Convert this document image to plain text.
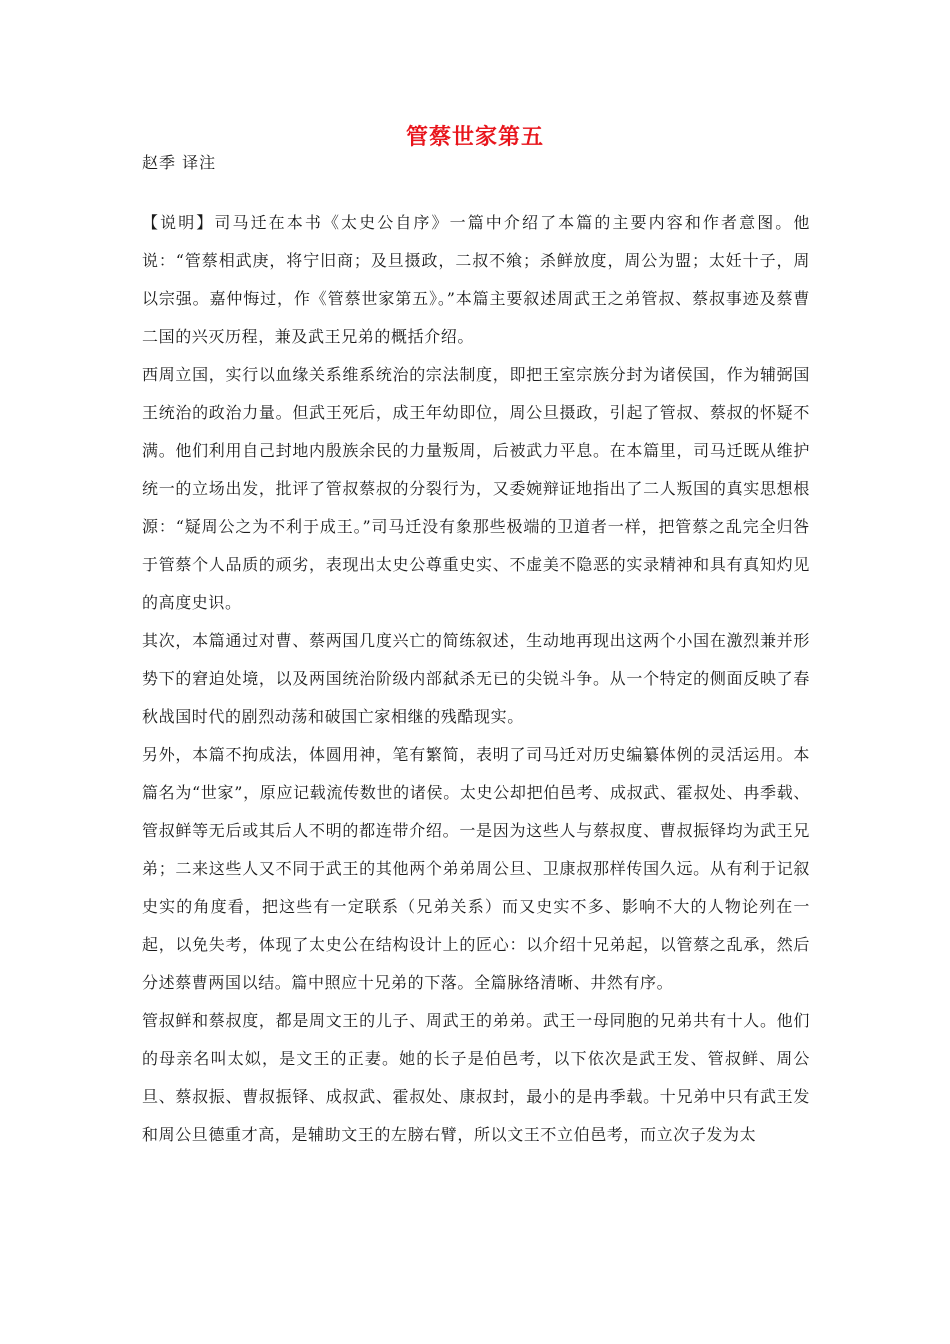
管蔡世家第五

赵季 译注

【说明】司马迁在本书《太史公自序》一篇中介绍了本篇的主要内容和作者意图。他说：“管蔡相武庚，将宁旧商；及旦摄政，二叔不飨；杀鲜放度，周公为盟；太妊十子，周以宗强。嘉仲悔过，作《管蔡世家第五》。”本篇主要叙述周武王之弟管叔、蔡叔事迹及蔡曹二国的兴灭历程，兼及武王兄弟的概括介绍。

西周立国，实行以血缘关系维系统治的宗法制度，即把王室宗族分封为诸侯国，作为辅弼国王统治的政治力量。但武王死后，成王年幼即位，周公旦摄政，引起了管叔、蔡叔的怀疑不满。他们利用自己封地内殷族余民的力量叛周，后被武力平息。在本篇里，司马迁既从维护统一的立场出发，批评了管叔蔡叔的分裂行为，又委婉辩证地指出了二人叛国的真实思想根源：“疑周公之为不利于成王。”司马迁没有象那些极端的卫道者一样，把管蔡之乱完全归咎于管蔡个人品质的顽劣，表现出太史公尊重史实、不虚美不隐恶的实录精神和具有真知灼见的高度史识。

其次，本篇通过对曹、蔡两国几度兴亡的简练叙述，生动地再现出这两个小国在激烈兼并形势下的窘迫处境，以及两国统治阶级内部弑杀无已的尖锐斗争。从一个特定的侧面反映了春秋战国时代的剧烈动荡和破国亡家相继的残酷现实。

另外，本篇不拘成法，体圆用神，笔有繁简，表明了司马迁对历史编纂体例的灵活运用。本篇名为“世家”，原应记载流传数世的诸侯。太史公却把伯邑考、成叔武、霍叔处、冉季载、管叔鲜等无后或其后人不明的都连带介绍。一是因为这些人与蔡叔度、曹叔振铎均为武王兄弟；二来这些人又不同于武王的其他两个弟弟周公旦、卫康叔那样传国久远。从有利于记叙史实的角度看，把这些有一定联系（兄弟关系）而又史实不多、影响不大的人物论列在一起，以免失考，体现了太史公在结构设计上的匠心：以介绍十兄弟起，以管蔡之乱承，然后分述蔡曹两国以结。篇中照应十兄弟的下落。全篇脉络清晰、井然有序。

管叔鲜和蔡叔度，都是周文王的儿子、周武王的弟弟。武王一母同胞的兄弟共有十人。他们的母亲名叫太姒，是文王的正妻。她的长子是伯邑考，以下依次是武王发、管叔鲜、周公旦、蔡叔振、曹叔振铎、成叔武、霍叔处、康叔封，最小的是冉季载。十兄弟中只有武王发和周公旦德重才高，是辅助文王的左膀右臂，所以文王不立伯邑考，而立次子发为太
